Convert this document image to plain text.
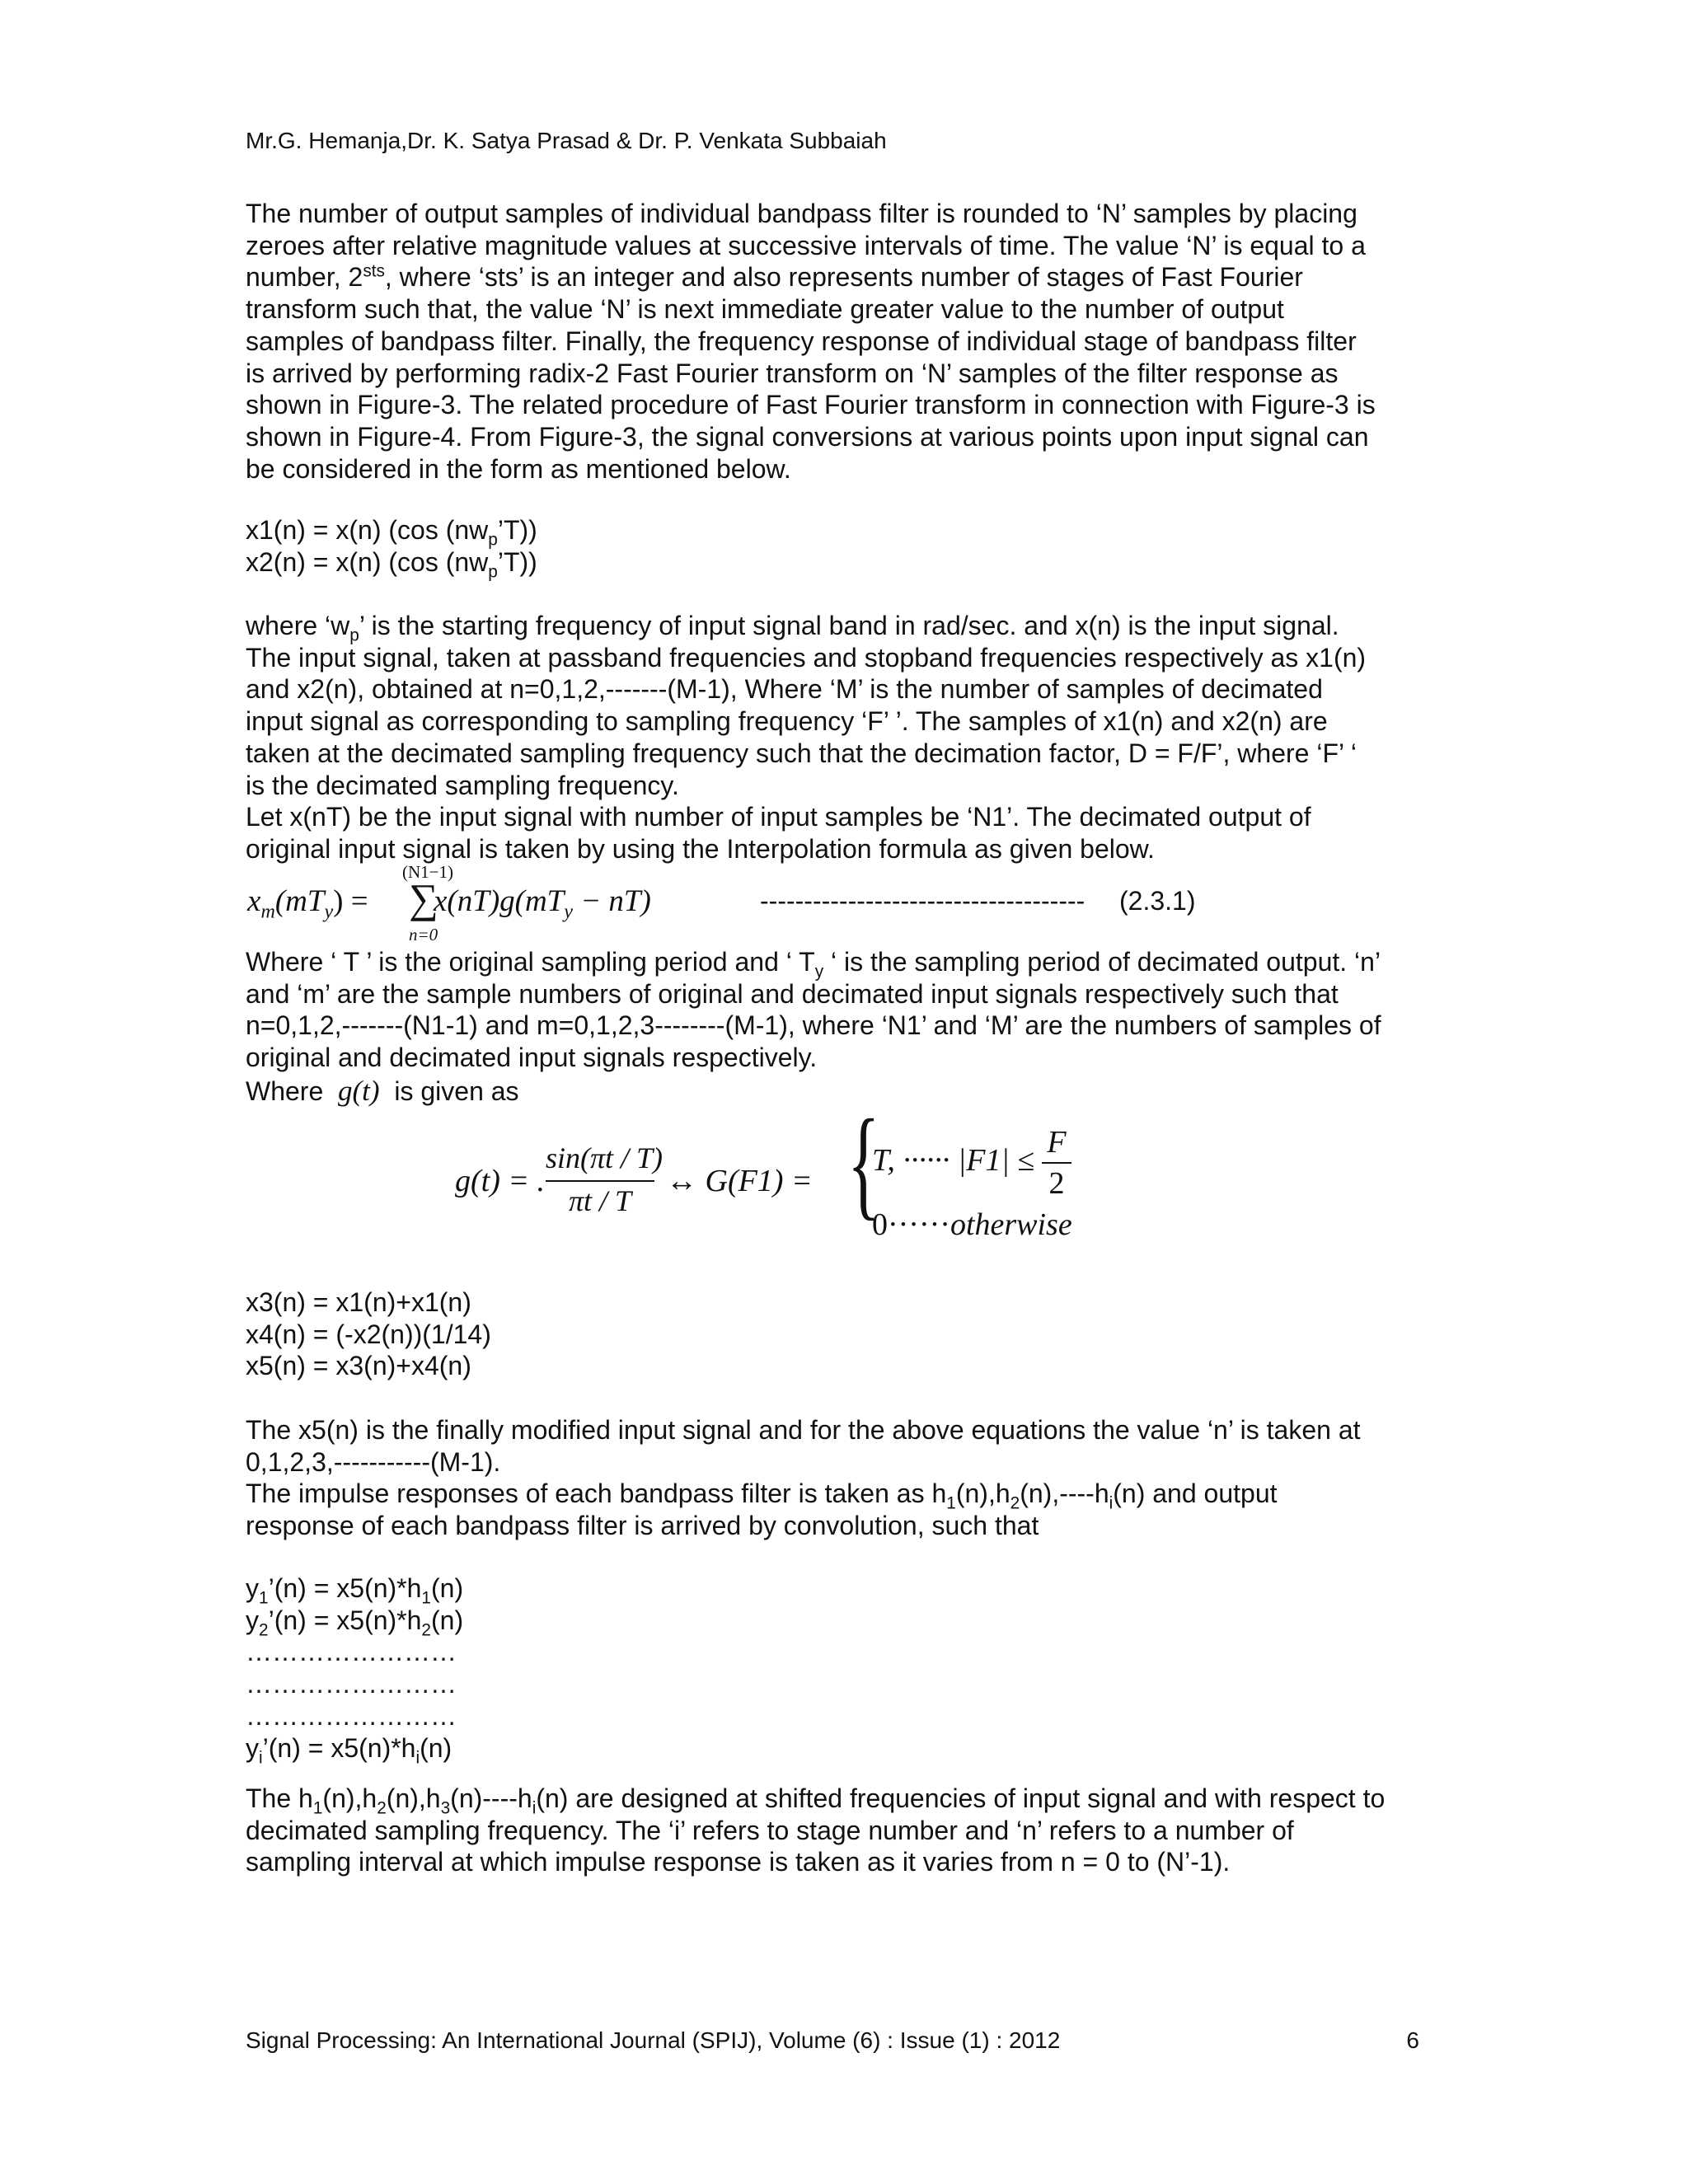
Mr.G. Hemanja,Dr. K. Satya Prasad & Dr. P. Venkata Subbaiah
The number of output samples of individual bandpass filter is rounded to ‘N’ samples by placing
zeroes after relative magnitude values at successive intervals of time. The value ‘N’ is equal to a
number, $2^{sts}$, where ‘sts’ is an integer and also represents number of stages of Fast Fourier
transform such that, the value ‘N’ is next immediate greater value to the number of output
samples of bandpass filter. Finally, the frequency response of individual stage of bandpass filter
is arrived by performing radix-2 Fast Fourier transform on ‘N’ samples of the filter response as
shown in Figure-3. The related procedure of Fast Fourier transform in connection with Figure-3 is
shown in Figure-4. From Figure-3, the signal conversions at various points upon input signal can
be considered in the form as mentioned below.
x1(n) = x(n) (cos $(nw_p’T)$)
x2(n) = x(n) (cos $(nw_p’T)$)
where ‘$w_p$’ is the starting frequency of input signal band in rad/sec. and x(n) is the input signal.
The input signal, taken at passband frequencies and stopband frequencies respectively as x1(n)
and x2(n), obtained at n=0,1,2,-------(M-1), Where ‘M’ is the number of samples of decimated
input signal as corresponding to sampling frequency ‘F’ ’. The samples of x1(n) and x2(n) are
taken at the decimated sampling frequency such that the decimation factor, D = F/F’, where ‘F’ ‘
is the decimated sampling frequency.
Let x(nT) be the input signal with number of input samples be ‘N1’. The decimated output of
original input signal is taken by using the Interpolation formula as given below.
(N1−1)
$x_m(mT_y)$ = ∑
$x(nT)g(mT_y - nT)$
n=0
------------------------------------- (2.3.1)
Where ‘ T ’ is the original sampling period and ‘ $T_y$ ‘ is the sampling period of decimated output. ‘n’
and ‘m’ are the sample numbers of original and decimated input signals respectively such that
n=0,1,2,-------(N1-1) and m=0,1,2,3--------(M-1), where ‘N1’ and ‘M’ are the numbers of samples of
original and decimated input signals respectively.
Where g(t) is given as
g(t) = .
sin(πt / T)
πt / T
↔ G(F1) = {
T, ······ |F1| ≤
F
2
0······otherwise
x3(n) = x1(n)+x1(n)
x4(n) = (-x2(n))(1/14)
x5(n) = x3(n)+x4(n)
The x5(n) is the finally modified input signal and for the above equations the value ‘n’ is taken at
0,1,2,3,-----------(M-1).
The impulse responses of each bandpass filter is taken as $h_1(n),h_2(n),----h_i(n)$ and output
response of each bandpass filter is arrived by convolution, such that
$y_1’(n) = x5(n)*h_1(n)$
$y_2’(n) = x5(n)*h_2(n)$
……………………
……………………
……………………
$y_i’(n) = x5(n)*h_i(n)$
The $h_1(n),h_2(n),h_3(n)----h_i(n)$ are designed at shifted frequencies of input signal and with respect to
decimated sampling frequency. The ‘i’ refers to stage number and ‘n’ refers to a number of
sampling interval at which impulse response is taken as it varies from n = 0 to (N’-1).
Signal Processing: An International Journal (SPIJ), Volume (6) : Issue (1) : 2012	6
